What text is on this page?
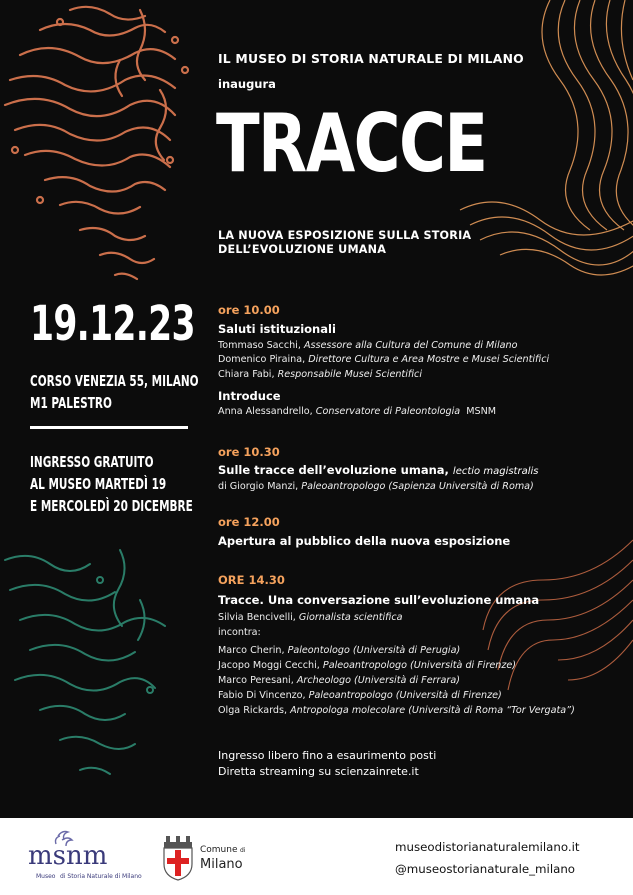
IL MUSEO DI STORIA NATURALE DI MILANO
inaugura
TRACCE
LA NUOVA ESPOSIZIONE SULLA STORIA
DELL’EVOLUZIONE UMANA
19.12.23
CORSO VENEZIA 55, MILANO
M1 PALESTRO
INGRESSO GRATUITO
AL MUSEO MARTEDÌ 19
E MERCOLEDÌ 20 DICEMBRE
ore 10.00
Saluti istituzionali
Tommaso Sacchi, Assessore alla Cultura del Comune di Milano
Domenico Piraina, Direttore Cultura e Area Mostre e Musei Scientifici
Chiara Fabi, Responsabile Musei Scientifici
Introduce
Anna Alessandrello, Conservatore di Paleontologia MSNM
ore 10.30
Sulle tracce dell’evoluzione umana, lectio magistralis
di Giorgio Manzi, Paleoantropologo (Sapienza Università di Roma)
ore 12.00
Apertura al pubblico della nuova esposizione
ORE 14.30
Tracce. Una conversazione sull’evoluzione umana
Silvia Bencivelli, Giornalista scientifica
incontra:
Marco Cherin, Paleontologo (Università di Perugia)
Jacopo Moggi Cecchi, Paleoantropologo (Università di Firenze)
Marco Peresani, Archeologo (Università di Ferrara)
Fabio Di Vincenzo, Paleoantropologo (Università di Firenze)
Olga Rickards, Antropologa molecolare (Università di Roma “Tor Vergata”)
Ingresso libero fino a esaurimento posti
Diretta streaming su scienzainrete.it
msnm
Museo di Storia Naturale di Milano
Comune di
Milano
museodistorianaturalemilano.it
@museostorianaturale_milano
